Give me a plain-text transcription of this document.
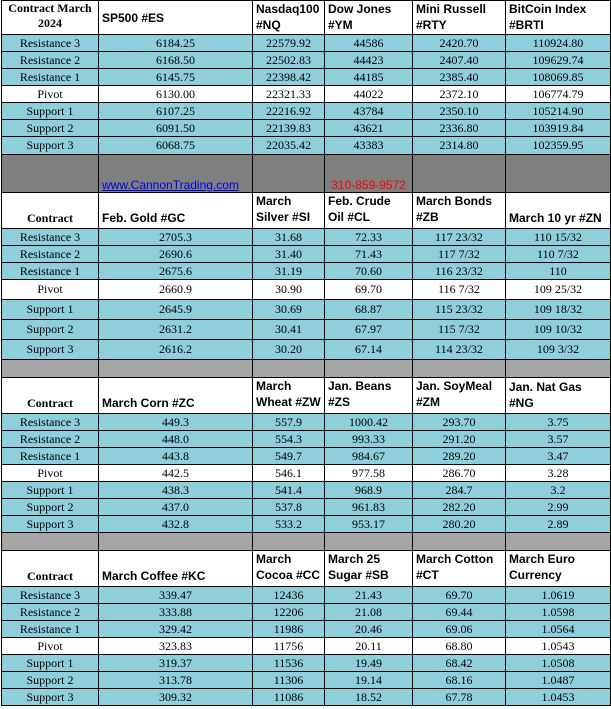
Contract March 2024	SP500 #ES	Nasdaq100 #NQ	Dow Jones #YM	Mini Russell #RTY	BitCoin Index #BRTI
Resistance 3	6184.25	22579.92	44586	2420.70	110924.80
Resistance 2	6168.50	22502.83	44423	2407.40	109629.74
Resistance 1	6145.75	22398.42	44185	2385.40	108069.85
Pivot	6130.00	22321.33	44022	2372.10	106774.79
Support 1	6107.25	22216.92	43784	2350.10	105214.90
Support 2	6091.50	22139.83	43621	2336.80	103919.84
Support 3	6068.75	22035.42	43383	2314.80	102359.95
	www.CannonTrading.com		310-859-9572		
Contract	Feb. Gold #GC	March Silver #SI	Feb. Crude Oil #CL	March Bonds #ZB	March 10 yr #ZN
Resistance 3	2705.3	31.68	72.33	117 23/32	110 15/32
Resistance 2	2690.6	31.40	71.43	117 7/32	110 7/32
Resistance 1	2675.6	31.19	70.60	116 23/32	110
Pivot	2660.9	30.90	69.70	116 7/32	109 25/32
Support 1	2645.9	30.69	68.87	115 23/32	109 18/32
Support 2	2631.2	30.41	67.97	115 7/32	109 10/32
Support 3	2616.2	30.20	67.14	114 23/32	109 3/32

Contract	March Corn #ZC	March Wheat #ZW	Jan. Beans #ZS	Jan. SoyMeal #ZM	Jan. Nat Gas #NG
Resistance 3	449.3	557.9	1000.42	293.70	3.75
Resistance 2	448.0	554.3	993.33	291.20	3.57
Resistance 1	443.8	549.7	984.67	289.20	3.47
Pivot	442.5	546.1	977.58	286.70	3.28
Support 1	438.3	541.4	968.9	284.7	3.2
Support 2	437.0	537.8	961.83	282.20	2.99
Support 3	432.8	533.2	953.17	280.20	2.89

Contract	March Coffee #KC	March Cocoa #CC	March 25 Sugar #SB	March Cotton #CT	March Euro Currency
Resistance 3	339.47	12436	21.43	69.70	1.0619
Resistance 2	333.88	12206	21.08	69.44	1.0598
Resistance 1	329.42	11986	20.46	69.06	1.0564
Pivot	323.83	11756	20.11	68.80	1.0543
Support 1	319.37	11536	19.49	68.42	1.0508
Support 2	313.78	11306	19.14	68.16	1.0487
Support 3	309.32	11086	18.52	67.78	1.0453
